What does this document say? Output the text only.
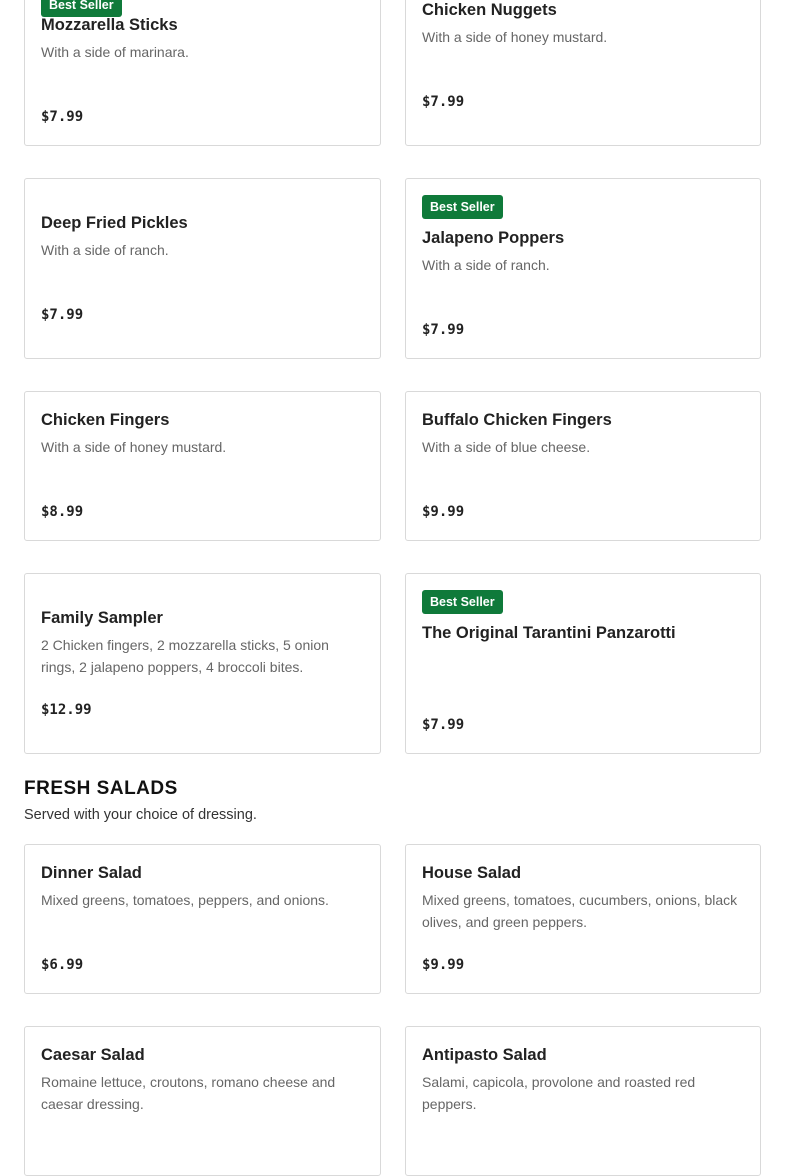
Best Seller
Mozzarella Sticks
With a side of marinara.
$7.99
Chicken Nuggets
With a side of honey mustard.
$7.99
Deep Fried Pickles
With a side of ranch.
$7.99
Best Seller
Jalapeno Poppers
With a side of ranch.
$7.99
Chicken Fingers
With a side of honey mustard.
$8.99
Buffalo Chicken Fingers
With a side of blue cheese.
$9.99
Family Sampler
2 Chicken fingers, 2 mozzarella sticks, 5 onion rings, 2 jalapeno poppers, 4 broccoli bites.
$12.99
Best Seller
The Original Tarantini Panzarotti
$7.99
FRESH SALADS
Served with your choice of dressing.
Dinner Salad
Mixed greens, tomatoes, peppers, and onions.
$6.99
House Salad
Mixed greens, tomatoes, cucumbers, onions, black olives, and green peppers.
$9.99
Caesar Salad
Romaine lettuce, croutons, romano cheese and caesar dressing.
Antipasto Salad
Salami, capicola, provolone and roasted red peppers.
